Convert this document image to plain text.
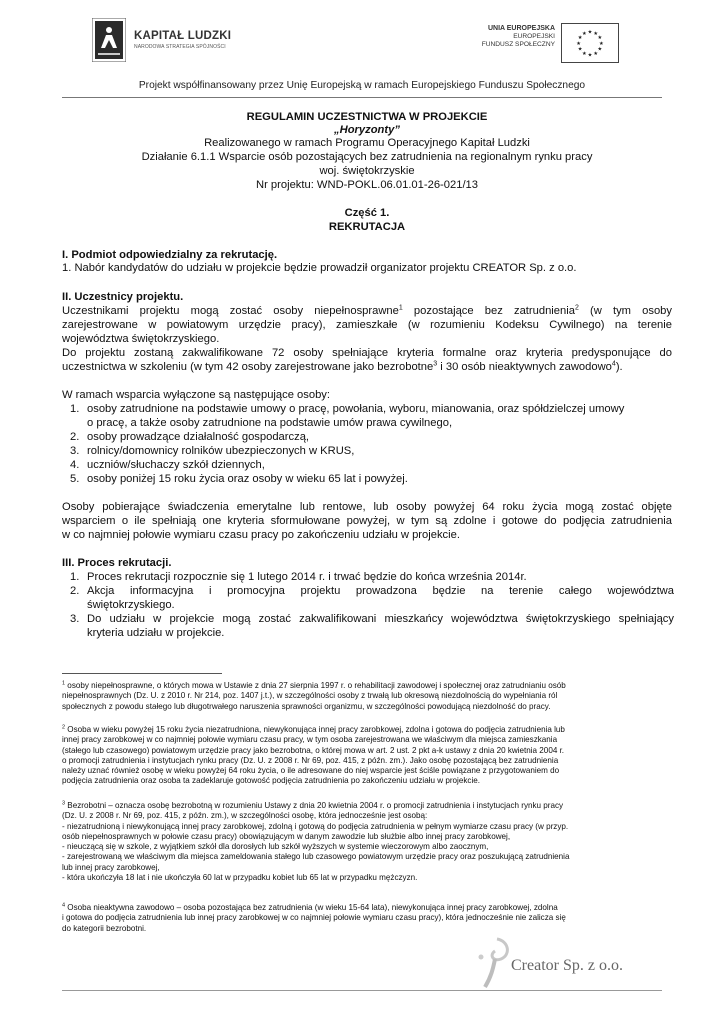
KAPITAŁ LUDZKI
NARODOWA STRATEGIA SPÓJNOŚCI
UNIA EUROPEJSKA
EUROPEJSKI
FUNDUSZ SPOŁECZNY
★ ★
★
★
★
★
★
★
★
★
★
★
Projekt współfinansowany przez Unię Europejską w ramach Europejskiego Funduszu Społecznego
REGULAMIN UCZESTNICTWA W PROJEKCIE
„Horyzonty”
Realizowanego w ramach Programu Operacyjnego Kapitał Ludzki
Działanie 6.1.1 Wsparcie osób pozostających bez zatrudnienia na regionalnym rynku pracy
woj. świętokrzyskie
Nr projektu: WND-POKL.06.01.01-26-021/13
Część 1.
REKRUTACJA
I. Podmiot odpowiedzialny za rekrutację.
1. Nabór kandydatów do udziału w projekcie będzie prowadził organizator projektu CREATOR Sp. z o.o.
II. Uczestnicy projektu.
Uczestnikami projektu mogą zostać osoby niepełnosprawne$^1$ pozostające bez zatrudnienia$^2$ (w tym osoby
zarejestrowane w powiatowym urzędzie pracy), zamieszkałe (w rozumieniu Kodeksu Cywilnego) na terenie
województwa świętokrzyskiego.
Do projektu zostaną zakwalifikowane 72 osoby spełniające kryteria formalne oraz kryteria predysponujące do
uczestnictwa w szkoleniu (w tym 42 osoby zarejestrowane jako bezrobotne$^3$ i 30 osób nieaktywnych zawodowo$^4$).
W ramach wsparcia wyłączone są następujące osoby:
1. osoby zatrudnione na podstawie umowy o pracę, powołania, wyboru, mianowania, oraz spółdzielczej umowy
o pracę, a także osoby zatrudnione na podstawie umów prawa cywilnego,
2. osoby prowadzące działalność gospodarczą,
3. rolnicy/domownicy rolników ubezpieczonych w KRUS,
4. uczniów/słuchaczy szkół dziennych,
5. osoby poniżej 15 roku życia oraz osoby w wieku 65 lat i powyżej.
Osoby pobierające świadczenia emerytalne lub rentowe, lub osoby powyżej 64 roku życia mogą zostać objęte
wsparciem o ile spełniają one kryteria sformułowane powyżej, w tym są zdolne i gotowe do podjęcia zatrudnienia
w co najmniej połowie wymiaru czasu pracy po zakończeniu udziału w projekcie.
III. Proces rekrutacji.
1. Proces rekrutacji rozpocznie się 1 lutego 2014 r. i trwać będzie do końca września 2014r.
2. Akcja informacyjna i promocyjna projektu prowadzona będzie na terenie całego województwa
świętokrzyskiego.
3. Do udziału w projekcie mogą zostać zakwalifikowani mieszkańcy województwa świętokrzyskiego spełniający
kryteria udziału w projekcie.
$^1$ osoby niepełnosprawne, o których mowa w Ustawie z dnia 27 sierpnia 1997 r. o rehabilitacji zawodowej i społecznej oraz zatrudnianiu osób
niepełnosprawnych (Dz. U. z 2010 r. Nr 214, poz. 1407 j.t.), w szczególności osoby z trwałą lub okresową niezdolnością do wypełniania ról
społecznych z powodu stałego lub długotrwałego naruszenia sprawności organizmu, w szczególności powodującą niezdolność do pracy.
$^2$ Osoba w wieku powyżej 15 roku życia niezatrudniona, niewykonująca innej pracy zarobkowej, zdolna i gotowa do podjęcia zatrudnienia lub
innej pracy zarobkowej w co najmniej połowie wymiaru czasu pracy, w tym osoba zarejestrowana we właściwym dla miejsca zamieszkania
(stałego lub czasowego) powiatowym urzędzie pracy jako bezrobotna, o której mowa w art. 2 ust. 2 pkt a-k ustawy z dnia 20 kwietnia 2004 r.
o promocji zatrudnienia i instytucjach rynku pracy (Dz. U. z 2008 r. Nr 69, poz. 415, z późn. zm.). Jako osobę pozostającą bez zatrudnienia
należy uznać również osobę w wieku powyżej 64 roku życia, o ile adresowane do niej wsparcie jest ściśle powiązane z przygotowaniem do
podjęcia zatrudnienia oraz osoba ta zadeklaruje gotowość podjęcia zatrudnienia po zakończeniu udziału w projekcie.
$^3$ Bezrobotni – oznacza osobę bezrobotną w rozumieniu Ustawy z dnia 20 kwietnia 2004 r. o promocji zatrudnienia i instytucjach rynku pracy
(Dz. U. z 2008 r. Nr 69, poz. 415, z późn. zm.), w szczególności osobę, która jednocześnie jest osobą:
- niezatrudnioną i niewykonującą innej pracy zarobkowej, zdolną i gotową do podjęcia zatrudnienia w pełnym wymiarze czasu pracy (w przyp.
osób niepełnosprawnych w połowie czasu pracy) obowiązującym w danym zawodzie lub służbie albo innej pracy zarobkowej,
- niеuczącą się w szkole, z wyjątkiem szkół dla dorosłych lub szkół wyższych w systemie wieczorowym albo zaocznym,
- zarejestrowaną we właściwym dla miejsca zameldowania stałego lub czasowego powiatowym urzędzie pracy oraz poszukującą zatrudnienia
lub innej pracy zarobkowej,
- która ukończyła 18 lat i nie ukończyła 60 lat w przypadku kobiet lub 65 lat w przypadku mężczyzn.
$^4$ Osoba nieaktywna zawodowo – osoba pozostająca bez zatrudnienia (w wieku 15-64 lata), niewykonująca innej pracy zarobkowej, zdolna
i gotowa do podjęcia zatrudnienia lub innej pracy zarobkowej w co najmniej połowie wymiaru czasu pracy), która jednocześnie nie zalicza się
do kategorii bezrobotni.
Creator Sp. z o.o.
